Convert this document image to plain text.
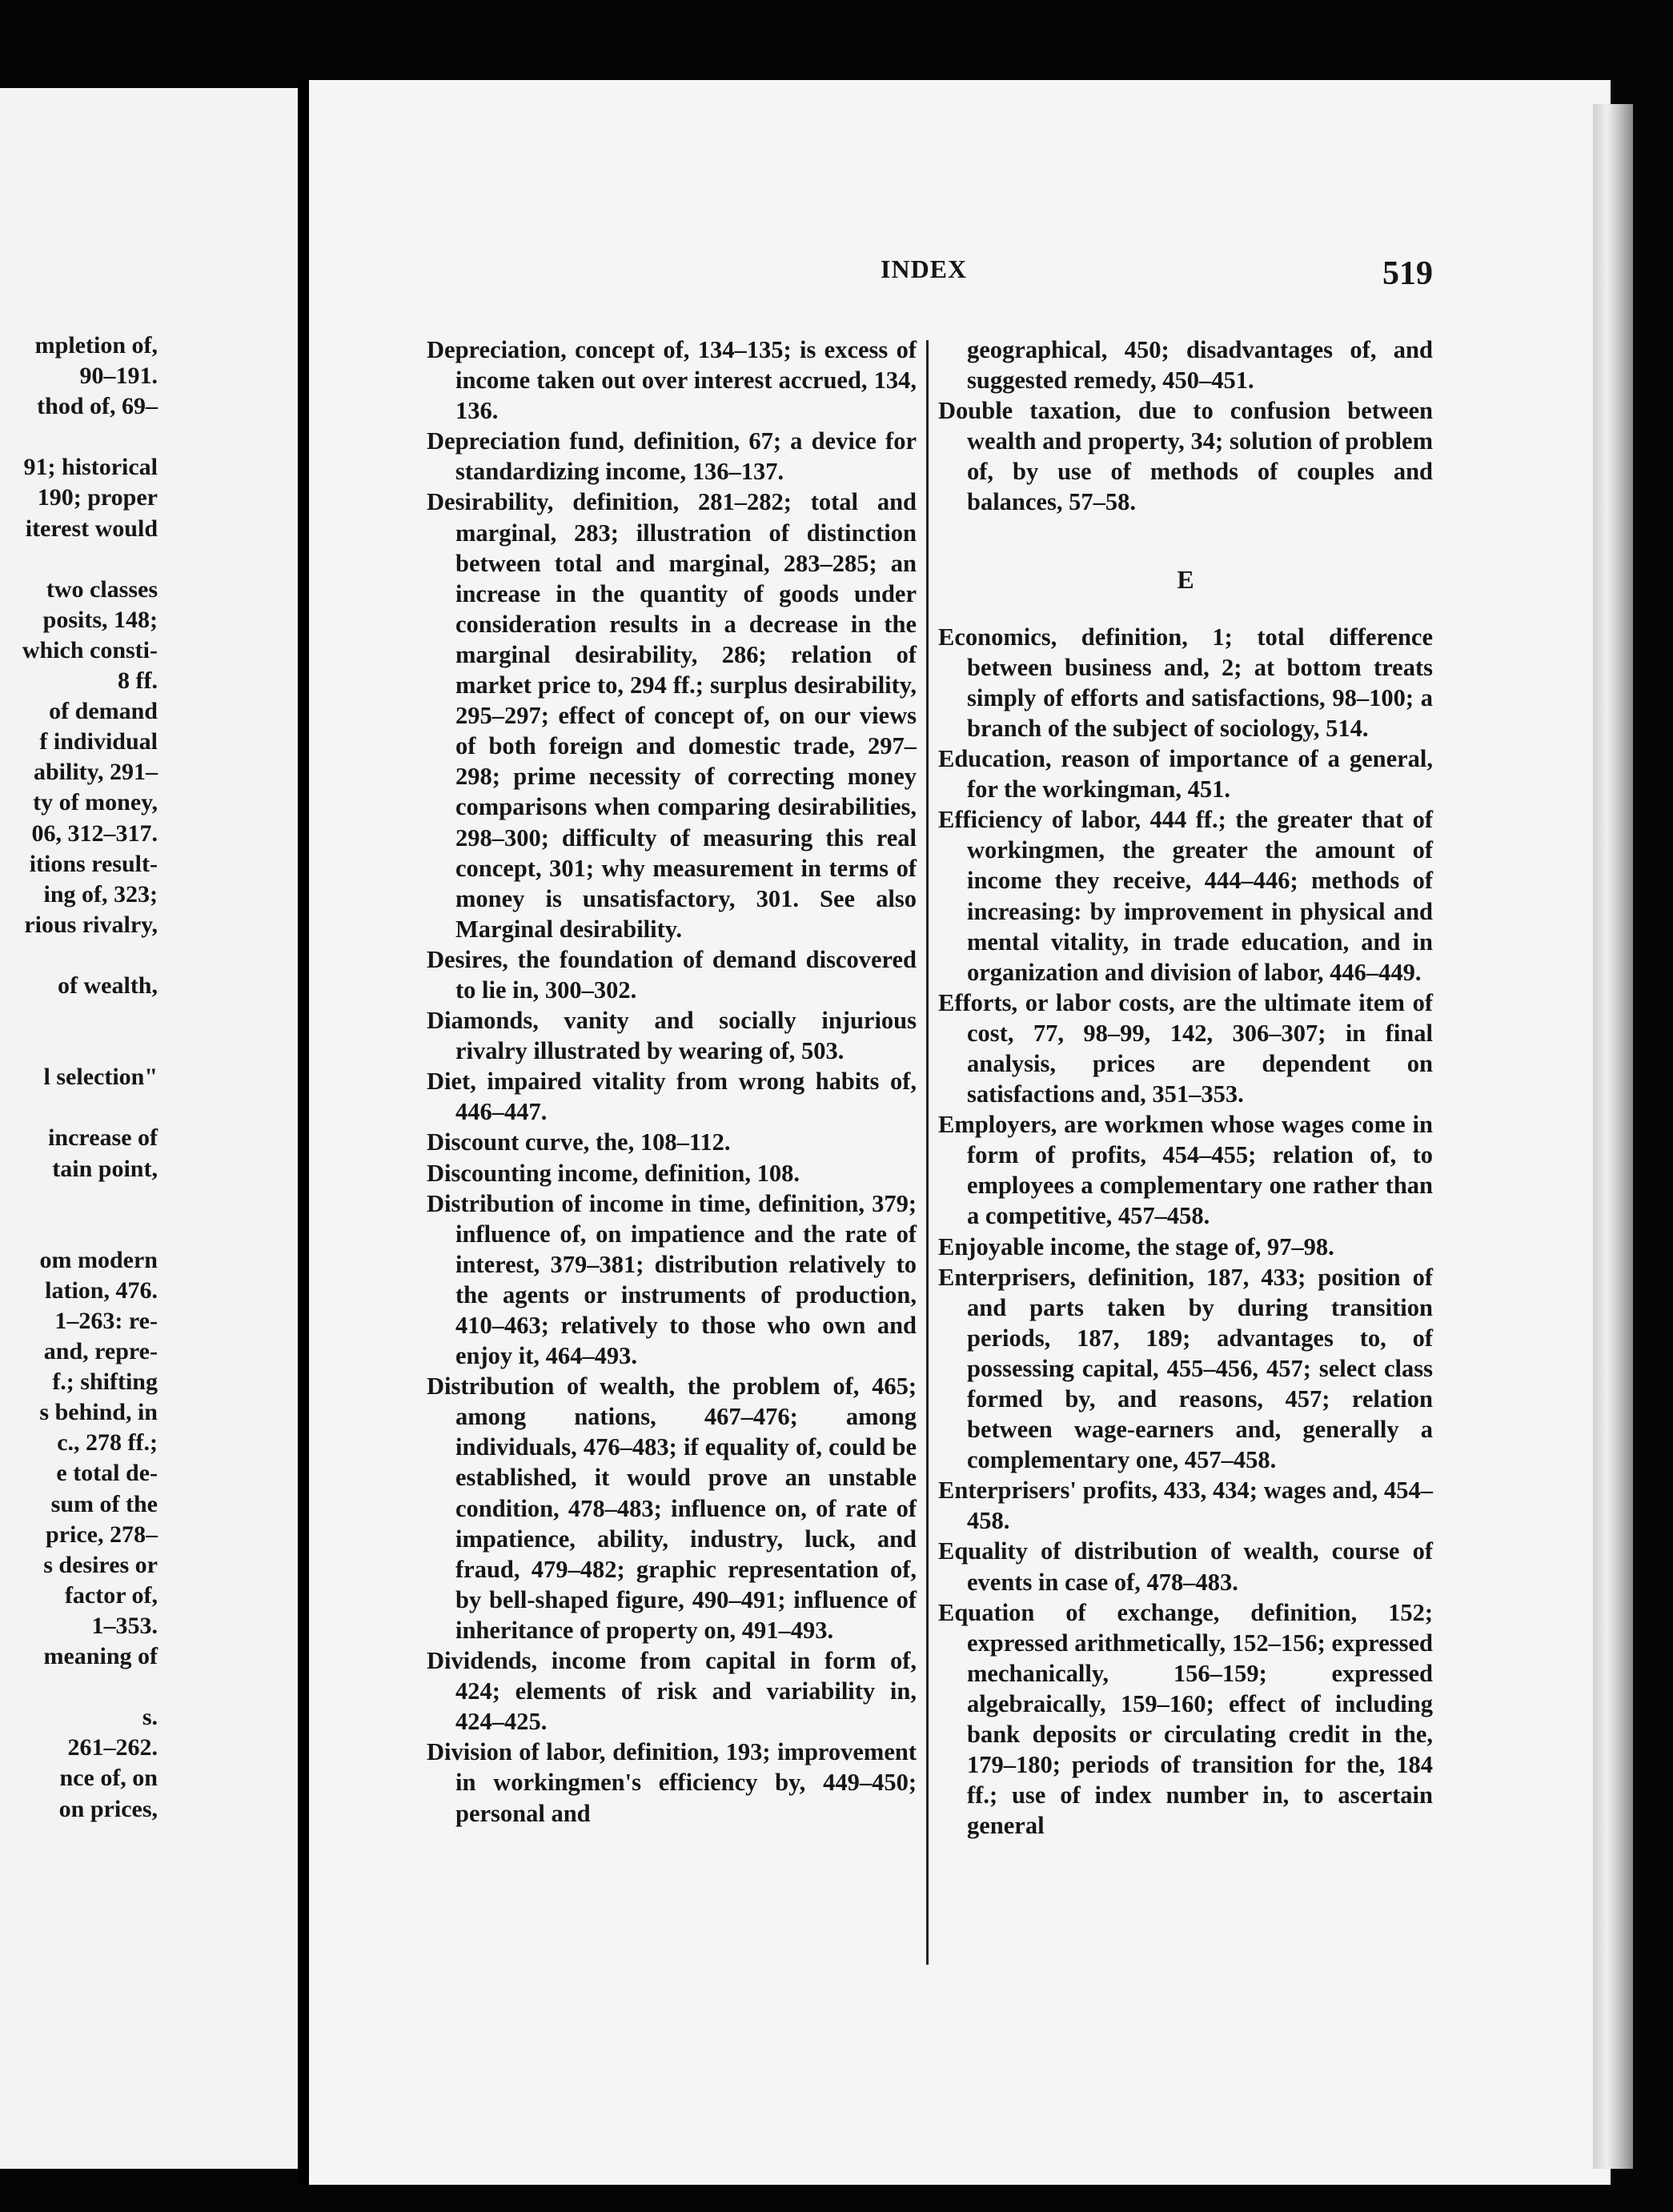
mpletion of,
90–191.
thod of, 69–
91; historical
190; proper
iterest would
two classes
posits, 148;
which consti-
8 ff.
of demand
f individual
ability, 291–
ty of money,
06, 312–317.
itions result-
ing of, 323;
rious rivalry,
of wealth,
l selection"
increase of
tain point,
om modern
lation, 476.
1–263: re-
and, repre-
f.; shifting
s behind, in
c., 278 ff.;
e total de-
sum of the
price, 278–
s desires or
factor of,
1–353.
meaning of
s.
261–262.
nce of, on
on prices,
INDEX	519

Depreciation, concept of, 134–135; is excess of income taken out over interest accrued, 134, 136.

Depreciation fund, definition, 67; a device for standardizing income, 136–137.

Desirability, definition, 281–282; total and marginal, 283; illustration of distinction between total and marginal, 283–285; an increase in the quantity of goods under consideration results in a decrease in the marginal desirability, 286; relation of market price to, 294 ff.; surplus desirability, 295–297; effect of concept of, on our views of both foreign and domestic trade, 297–298; prime necessity of correcting money comparisons when comparing desirabilities, 298–300; difficulty of measuring this real concept, 301; why measurement in terms of money is unsatisfactory, 301. See also Marginal desirability.

Desires, the foundation of demand discovered to lie in, 300–302.

Diamonds, vanity and socially injurious rivalry illustrated by wearing of, 503.

Diet, impaired vitality from wrong habits of, 446–447.

Discount curve, the, 108–112.

Discounting income, definition, 108.

Distribution of income in time, definition, 379; influence of, on impatience and the rate of interest, 379–381; distribution relatively to the agents or instruments of production, 410–463; relatively to those who own and enjoy it, 464–493.

Distribution of wealth, the problem of, 465; among nations, 467–476; among individuals, 476–483; if equality of, could be established, it would prove an unstable condition, 478–483; influence on, of rate of impatience, ability, industry, luck, and fraud, 479–482; graphic representation of, by bell-shaped figure, 490–491; influence of inheritance of property on, 491–493.

Dividends, income from capital in form of, 424; elements of risk and variability in, 424–425.

Division of labor, definition, 193; improvement in workingmen's efficiency by, 449–450; personal and

geographical, 450; disadvantages of, and suggested remedy, 450–451.

Double taxation, due to confusion between wealth and property, 34; solution of problem of, by use of methods of couples and balances, 57–58.

E

Economics, definition, 1; total difference between business and, 2; at bottom treats simply of efforts and satisfactions, 98–100; a branch of the subject of sociology, 514.

Education, reason of importance of a general, for the workingman, 451.

Efficiency of labor, 444 ff.; the greater that of workingmen, the greater the amount of income they receive, 444–446; methods of increasing: by improvement in physical and mental vitality, in trade education, and in organization and division of labor, 446–449.

Efforts, or labor costs, are the ultimate item of cost, 77, 98–99, 142, 306–307; in final analysis, prices are dependent on satisfactions and, 351–353.

Employers, are workmen whose wages come in form of profits, 454–455; relation of, to employees a complementary one rather than a competitive, 457–458.

Enjoyable income, the stage of, 97–98.

Enterprisers, definition, 187, 433; position of and parts taken by during transition periods, 187, 189; advantages to, of possessing capital, 455–456, 457; select class formed by, and reasons, 457; relation between wage-earners and, generally a complementary one, 457–458.

Enterprisers' profits, 433, 434; wages and, 454–458.

Equality of distribution of wealth, course of events in case of, 478–483.

Equation of exchange, definition, 152; expressed arithmetically, 152–156; expressed mechanically, 156–159; expressed algebraically, 159–160; effect of including bank deposits or circulating credit in the, 179–180; periods of transition for the, 184 ff.; use of index number in, to ascertain general
